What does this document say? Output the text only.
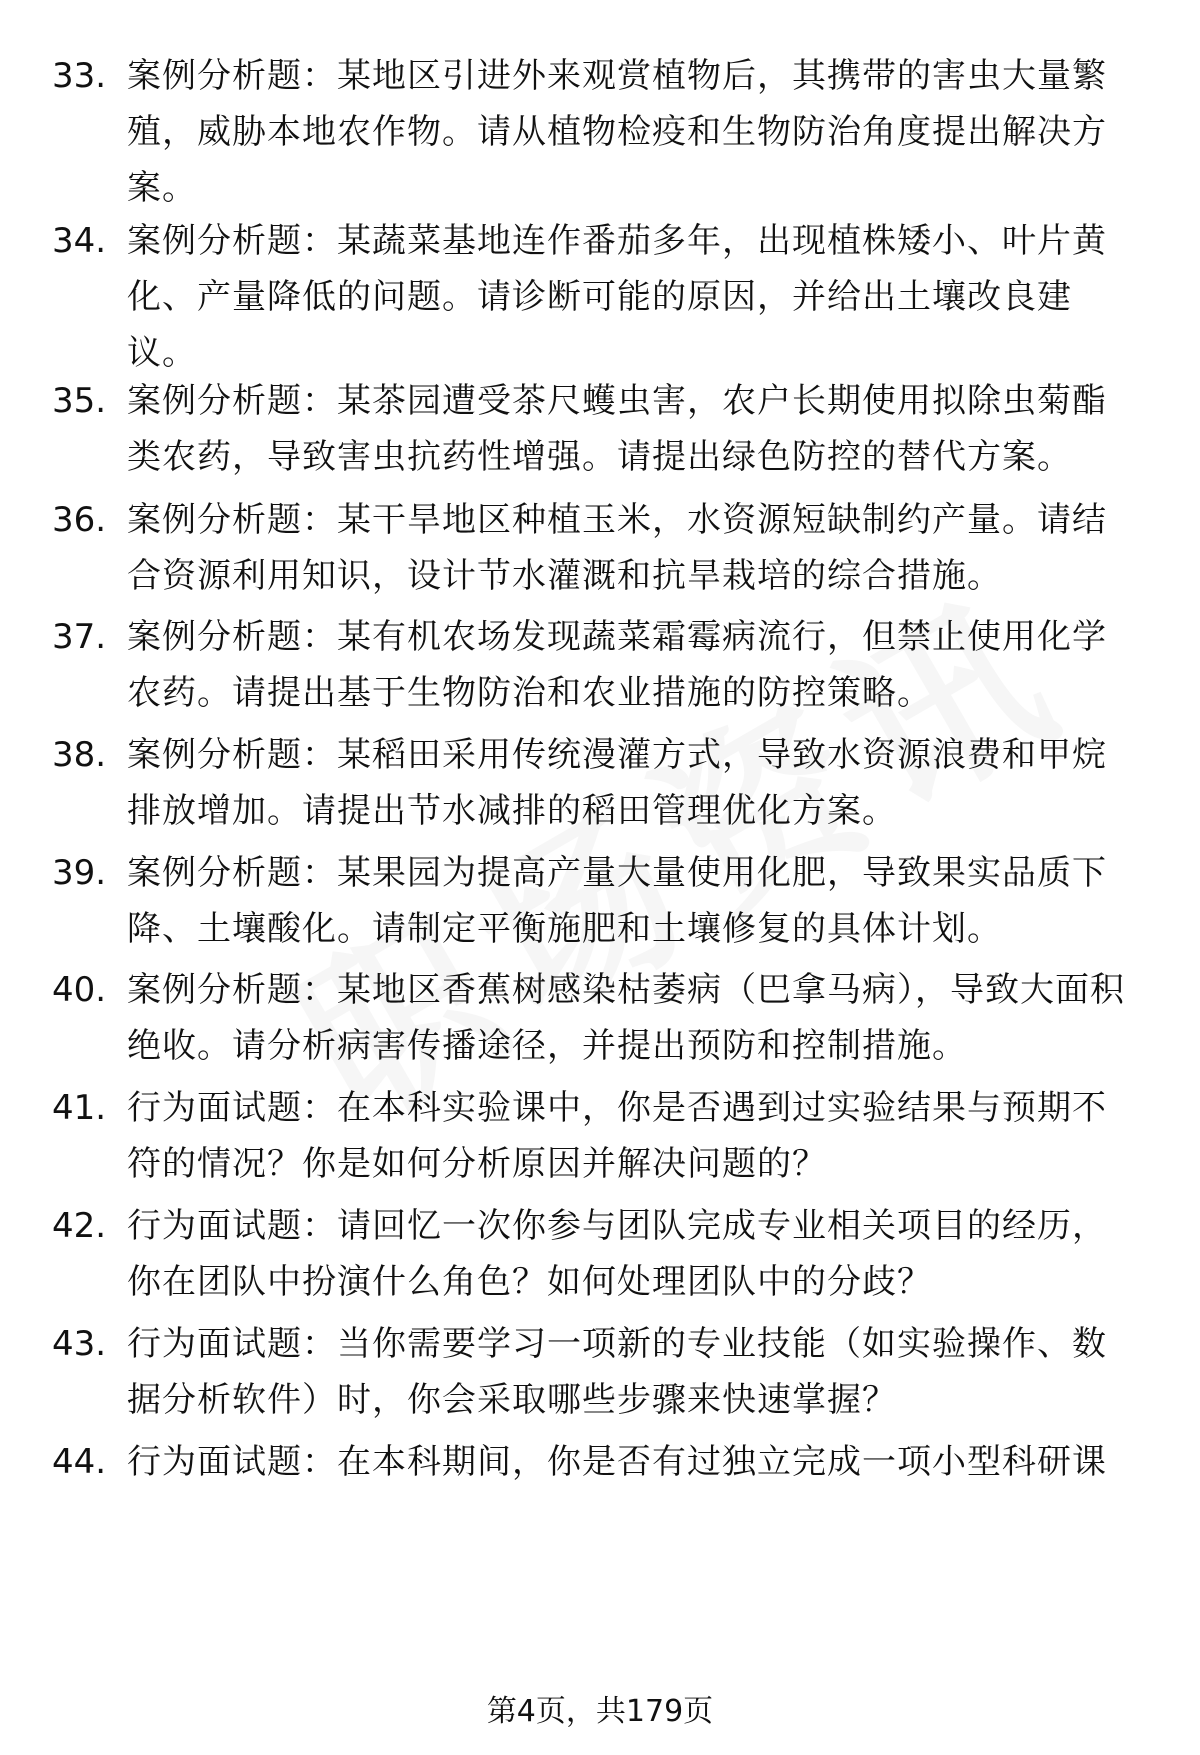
33. 案例分析题：某地区引进外来观赏植物后，其携带的害虫大量繁殖，威胁本地农作物。请从植物检疫和生物防治角度提出解决方案。
34. 案例分析题：某蔬菜基地连作番茄多年，出现植株矮小、叶片黄化、产量降低的问题。请诊断可能的原因，并给出土壤改良建议。
35. 案例分析题：某茶园遭受茶尺蠖虫害，农户长期使用拟除虫菊酯类农药，导致害虫抗药性增强。请提出绿色防控的替代方案。
36. 案例分析题：某干旱地区种植玉米，水资源短缺制约产量。请结合资源利用知识，设计节水灌溉和抗旱栽培的综合措施。
37. 案例分析题：某有机农场发现蔬菜霜霉病流行，但禁止使用化学农药。请提出基于生物防治和农业措施的防控策略。
38. 案例分析题：某稻田采用传统漫灌方式，导致水资源浪费和甲烷排放增加。请提出节水减排的稻田管理优化方案。
39. 案例分析题：某果园为提高产量大量使用化肥，导致果实品质下降、土壤酸化。请制定平衡施肥和土壤修复的具体计划。
40. 案例分析题：某地区香蕉树感染枯萎病（巴拿马病），导致大面积绝收。请分析病害传播途径，并提出预防和控制措施。
41. 行为面试题：在本科实验课中，你是否遇到过实验结果与预期不符的情况？你是如何分析原因并解决问题的？
42. 行为面试题：请回忆一次你参与团队完成专业相关项目的经历，你在团队中扮演什么角色？如何处理团队中的分歧？
43. 行为面试题：当你需要学习一项新的专业技能（如实验操作、数据分析软件）时，你会采取哪些步骤来快速掌握？
44. 行为面试题：在本科期间，你是否有过独立完成一项小型科研课
第4页，共179页
